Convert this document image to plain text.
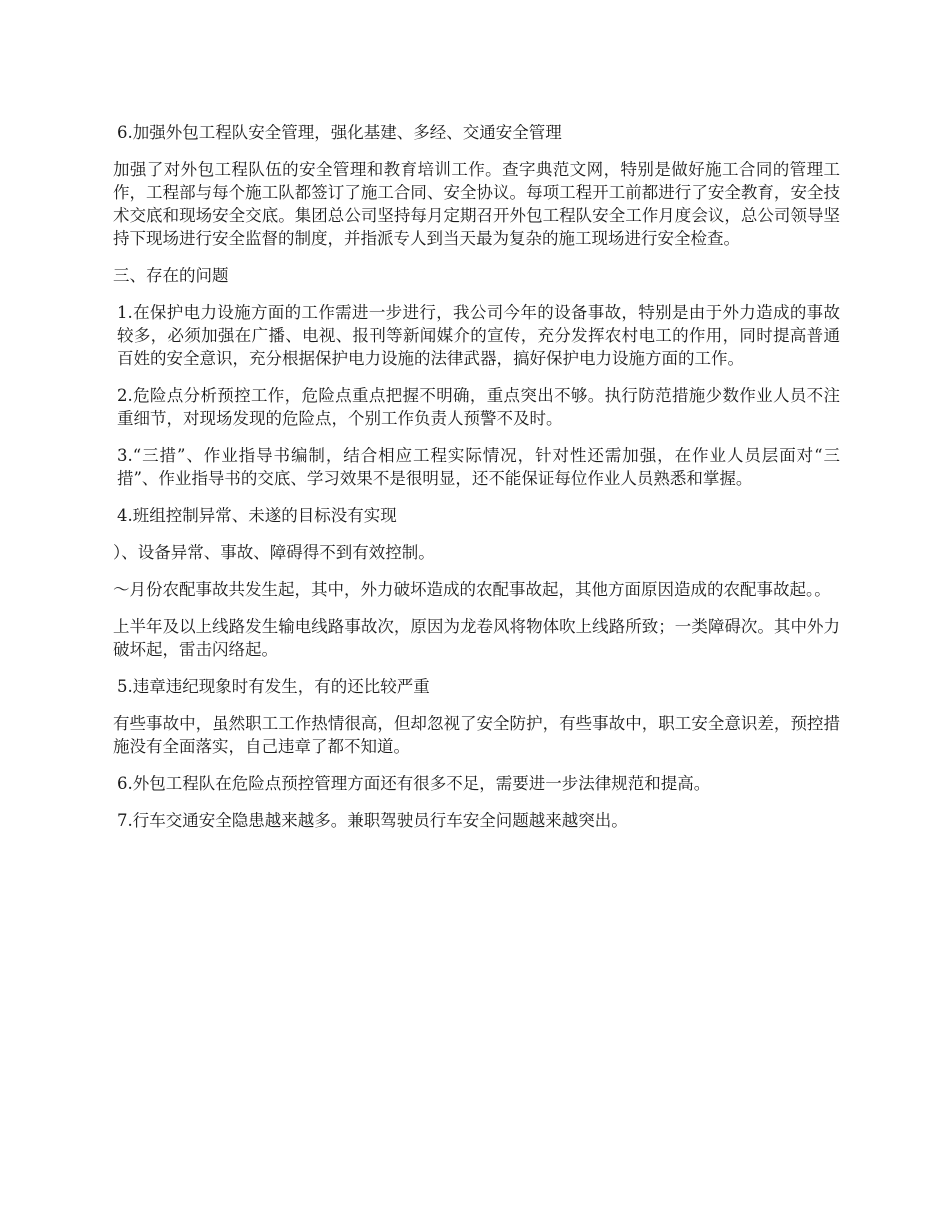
6.加强外包工程队安全管理，强化基建、多经、交通安全管理

加强了对外包工程队伍的安全管理和教育培训工作。查字典范文网，特别是做好施工合同的管理工作，工程部与每个施工队都签订了施工合同、安全协议。每项工程开工前都进行了安全教育，安全技术交底和现场安全交底。集团总公司坚持每月定期召开外包工程队安全工作月度会议，总公司领导坚持下现场进行安全监督的制度，并指派专人到当天最为复杂的施工现场进行安全检查。

三、存在的问题

1.在保护电力设施方面的工作需进一步进行，我公司今年的设备事故，特别是由于外力造成的事故较多，必须加强在广播、电视、报刊等新闻媒介的宣传，充分发挥农村电工的作用，同时提高普通百姓的安全意识，充分根据保护电力设施的法律武器，搞好保护电力设施方面的工作。

2.危险点分析预控工作，危险点重点把握不明确，重点突出不够。执行防范措施少数作业人员不注重细节，对现场发现的危险点，个别工作负责人预警不及时。

3.“三措”、作业指导书编制，结合相应工程实际情况，针对性还需加强，在作业人员层面对“三措”、作业指导书的交底、学习效果不是很明显，还不能保证每位作业人员熟悉和掌握。

4.班组控制异常、未遂的目标没有实现

）、设备异常、事故、障碍得不到有效控制。

～月份农配事故共发生起，其中，外力破坏造成的农配事故起，其他方面原因造成的农配事故起。。

上半年及以上线路发生输电线路事故次，原因为龙卷风将物体吹上线路所致；一类障碍次。其中外力破坏起，雷击闪络起。

5.违章违纪现象时有发生，有的还比较严重

有些事故中，虽然职工工作热情很高，但却忽视了安全防护，有些事故中，职工安全意识差，预控措施没有全面落实，自己违章了都不知道。

6.外包工程队在危险点预控管理方面还有很多不足，需要进一步法律规范和提高。

7.行车交通安全隐患越来越多。兼职驾驶员行车安全问题越来越突出。
